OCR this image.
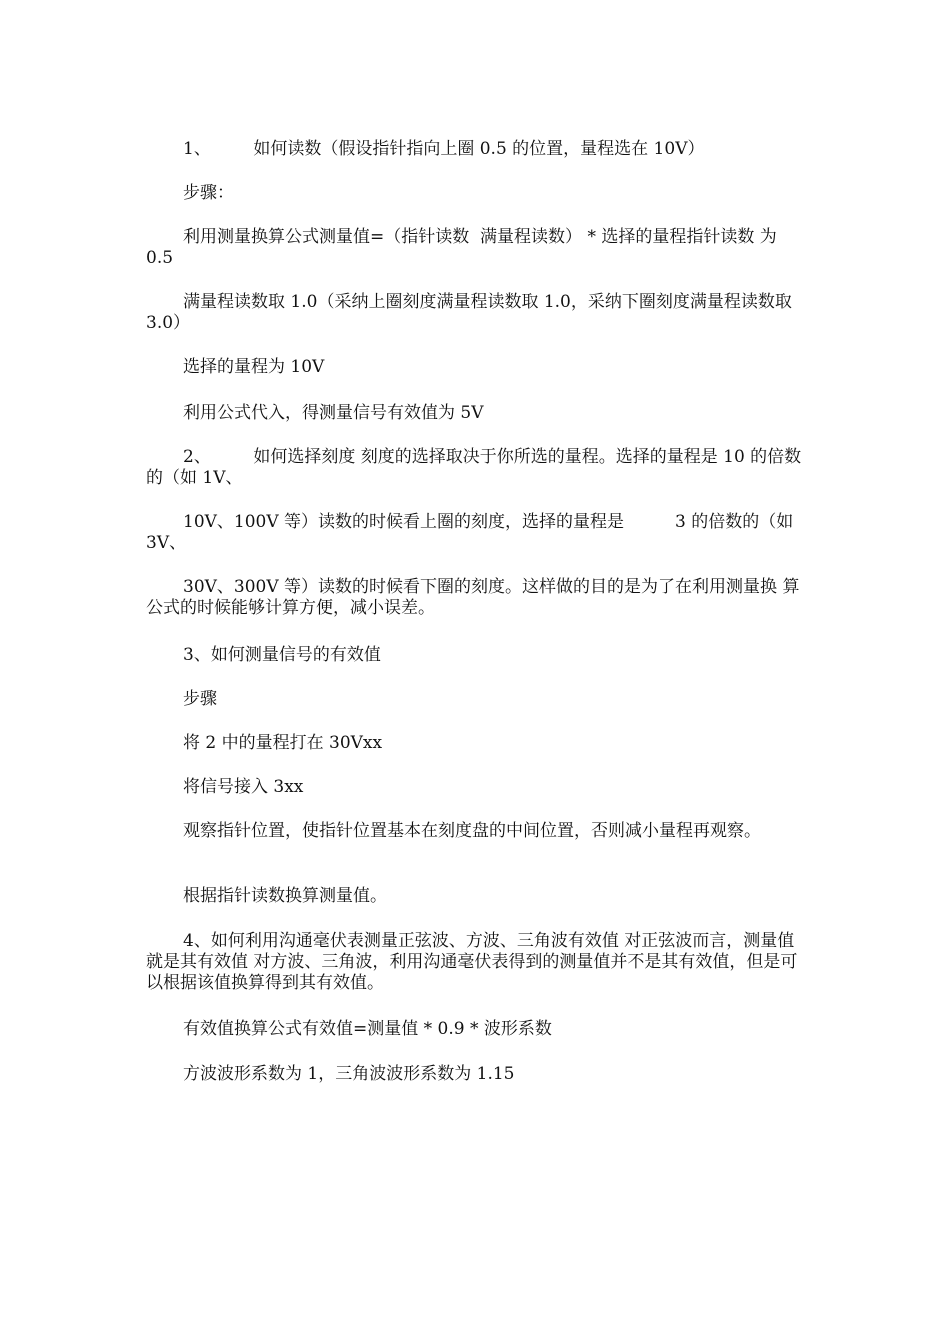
1、　　　如何读数（假设指针指向上圈 0.5 的位置，量程选在 10V）

步骤：

利用测量换算公式测量值=（指针读数  满量程读数） * 选择的量程指针读数 为 0.5

满量程读数取 1.0（采纳上圈刻度满量程读数取 1.0，采纳下圈刻度满量程读数取 3.0）

选择的量程为 10V

利用公式代入，得测量信号有效值为 5V

2、　　　如何选择刻度 刻度的选择取决于你所选的量程。选择的量程是 10 的倍数的（如 1V、

10V、100V 等）读数的时候看上圈的刻度，选择的量程是　　　3 的倍数的（如 3V、

30V、300V 等）读数的时候看下圈的刻度。这样做的目的是为了在利用测量换 算公式的时候能够计算方便，减小误差。

3、如何测量信号的有效值

步骤

将 2 中的量程打在 30Vxx

将信号接入 3xx

观察指针位置，使指针位置基本在刻度盘的中间位置，否则减小量程再观察。

根据指针读数换算测量值。

4、如何利用沟通毫伏表测量正弦波、方波、三角波有效值 对正弦波而言，测量值就是其有效值 对方波、三角波，利用沟通毫伏表得到的测量值并不是其有效值，但是可 以根据该值换算得到其有效值。

有效值换算公式有效值=测量值 * 0.9 * 波形系数

方波波形系数为 1，三角波波形系数为 1.15
